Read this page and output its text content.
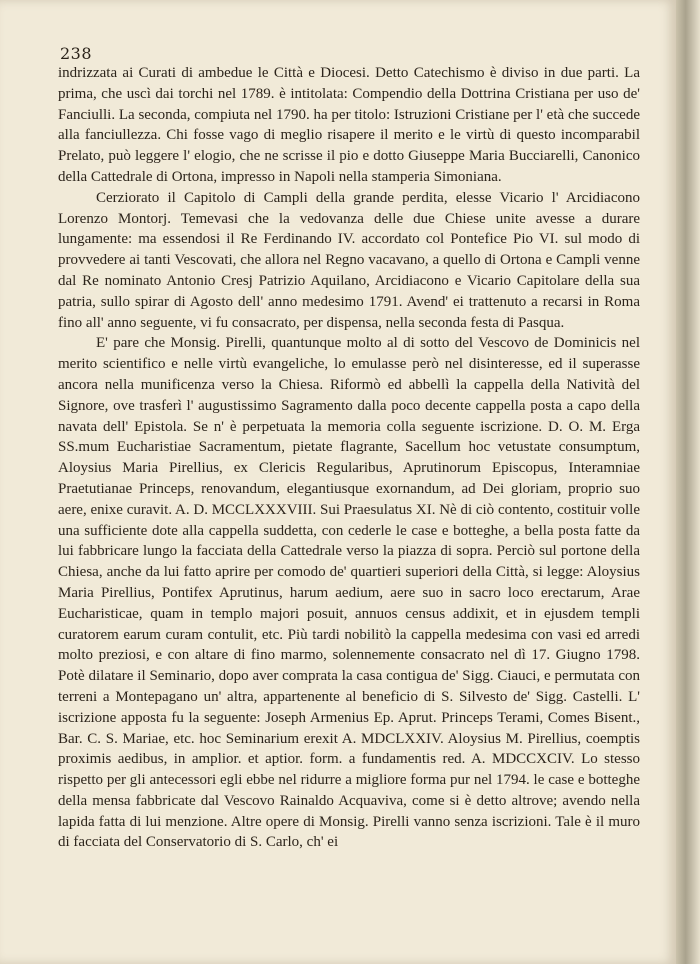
238

indrizzata ai Curati di ambedue le Città e Diocesi. Detto Catechismo è diviso in due parti. La prima, che uscì dai torchi nel 1789. è intitolata: Compendio della Dottrina Cristiana per uso de' Fanciulli. La seconda, compiuta nel 1790. ha per titolo: Istruzioni Cristiane per l' età che succede alla fanciullezza. Chi fosse vago di meglio risapere il merito e le virtù di questo incomparabil Prelato, può leggere l' elogio, che ne scrisse il pio e dotto Giuseppe Maria Bucciarelli, Canonico della Cattedrale di Ortona, impresso in Napoli nella stamperia Simoniana.

Cerziorato il Capitolo di Campli della grande perdita, elesse Vicario l' Arcidiacono Lorenzo Montorj. Temevasi che la vedovanza delle due Chiese unite avesse a durare lungamente: ma essendosi il Re Ferdinando IV. accordato col Pontefice Pio VI. sul modo di provvedere ai tanti Vescovati, che allora nel Regno vacavano, a quello di Ortona e Campli venne dal Re nominato Antonio Cresj Patrizio Aquilano, Arcidiacono e Vicario Capitolare della sua patria, sullo spirar di Agosto dell' anno medesimo 1791. Avend' ei trattenuto a recarsi in Roma fino all' anno seguente, vi fu consacrato, per dispensa, nella seconda festa di Pasqua.

E' pare che Monsig. Pirelli, quantunque molto al di sotto del Vescovo de Dominicis nel merito scientifico e nelle virtù evangeliche, lo emulasse però nel disinteresse, ed il superasse ancora nella munificenza verso la Chiesa. Riformò ed abbellì la cappella della Natività del Signore, ove trasferì l' augustissimo Sagramento dalla poco decente cappella posta a capo della navata dell' Epistola. Se n' è perpetuata la memoria colla seguente iscrizione. D. O. M. Erga SS.mum Eucharistiae Sacramentum, pietate flagrante, Sacellum hoc vetustate consumptum, Aloysius Maria Pirellius, ex Clericis Regularibus, Aprutinorum Episcopus, Interamniae Praetutianae Princeps, renovandum, elegantiusque exornandum, ad Dei gloriam, proprio suo aere, enixe curavit. A. D. MCCLXXXVIII. Sui Praesulatus XI. Nè di ciò contento, costituir volle una sufficiente dote alla cappella suddetta, con cederle le case e botteghe, a bella posta fatte da lui fabbricare lungo la facciata della Cattedrale verso la piazza di sopra. Perciò sul portone della Chiesa, anche da lui fatto aprire per comodo de' quartieri superiori della Città, si legge: Aloysius Maria Pirellius, Pontifex Aprutinus, harum aedium, aere suo in sacro loco erectarum, Arae Eucharisticae, quam in templo majori posuit, annuos census addixit, et in ejusdem templi curatorem earum curam contulit, etc. Più tardi nobilitò la cappella medesima con vasi ed arredi molto preziosi, e con altare di fino marmo, solennemente consacrato nel dì 17. Giugno 1798. Potè dilatare il Seminario, dopo aver comprata la casa contigua de' Sigg. Ciauci, e permutata con terreni a Montepagano un' altra, appartenente al beneficio di S. Silvesto de' Sigg. Castelli. L' iscrizione apposta fu la seguente: Joseph Armenius Ep. Aprut. Princeps Terami, Comes Bisent., Bar. C. S. Mariae, etc. hoc Seminarium erexit A. MDCLXXIV. Aloysius M. Pirellius, coemptis proximis aedibus, in amplior. et aptior. form. a fundamentis red. A. MDCCXCIV. Lo stesso rispetto per gli antecessori egli ebbe nel ridurre a migliore forma pur nel 1794. le case e botteghe della mensa fabbricate dal Vescovo Rainaldo Acquaviva, come si è detto altrove; avendo nella lapida fatta di lui menzione. Altre opere di Monsig. Pirelli vanno senza iscrizioni. Tale è il muro di facciata del Conservatorio di S. Carlo, ch' ei
